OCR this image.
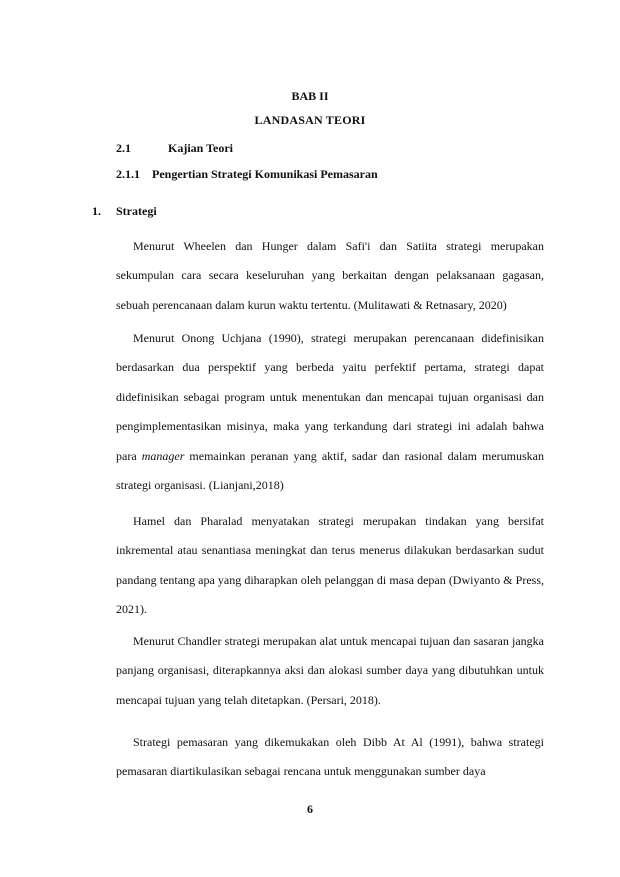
BAB II
LANDASAN TEORI
2.1	Kajian Teori
2.1.1 Pengertian Strategi Komunikasi Pemasaran
1. Strategi

Menurut Wheelen dan Hunger dalam Safi'i dan Satiita strategi merupakan sekumpulan cara secara keseluruhan yang berkaitan dengan pelaksanaan gagasan, sebuah perencanaan dalam kurun waktu tertentu. (Mulitawati & Retnasary, 2020)

Menurut Onong Uchjana (1990), strategi merupakan perencanaan didefinisikan berdasarkan dua perspektif yang berbeda yaitu perfektif pertama, strategi dapat didefinisikan sebagai program untuk menentukan dan mencapai tujuan organisasi dan pengimplementasikan misinya, maka yang terkandung dari strategi ini adalah bahwa para manager memainkan peranan yang aktif, sadar dan rasional dalam merumuskan strategi organisasi. (Lianjani,2018)

Hamel dan Pharalad menyatakan strategi merupakan tindakan yang bersifat inkremental atau senantiasa meningkat dan terus menerus dilakukan berdasarkan sudut pandang tentang apa yang diharapkan oleh pelanggan di masa depan (Dwiyanto & Press, 2021).

Menurut Chandler strategi merupakan alat untuk mencapai tujuan dan sasaran jangka panjang organisasi, diterapkannya aksi dan alokasi sumber daya yang dibutuhkan untuk mencapai tujuan yang telah ditetapkan. (Persari, 2018).

Strategi pemasaran yang dikemukakan oleh Dibb At Al (1991), bahwa strategi pemasaran diartikulasikan sebagai rencana untuk menggunakan sumber daya

6
